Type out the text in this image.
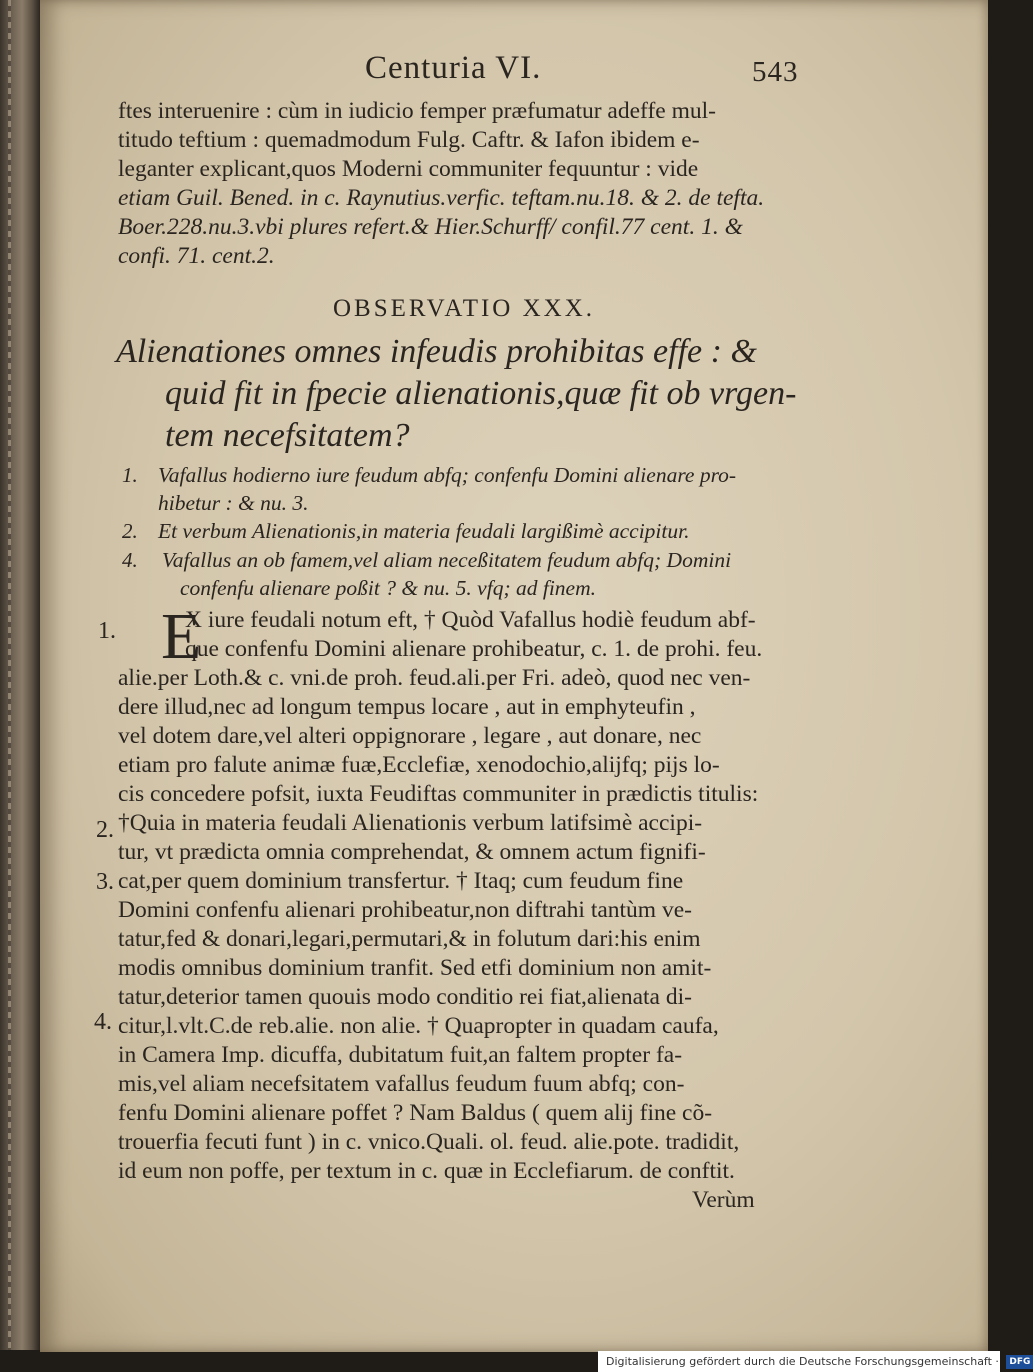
Centuria VI.	543
ftes interuenire : cùm in iudicio femper præfumatur adeffe mul-
titudo teftium : quemadmodum Fulg. Caftr. & Iafon ibidem e-
leganter explicant,quos Moderni communiter fequuntur : vide
etiam Guil. Bened. in c. Raynutius.verfic. teftam.nu.18. & 2. de tefta.
Boer.228.nu.3.vbi plures refert.& Hier.Schurff/ confil.77 cent. 1. &
confi. 71. cent.2.
OBSERVATIO XXX.
Alienationes omnes infeudis prohibitas effe : &
quid fit in fpecie alienationis,quæ fit ob vrgen-
tem necefsitatem?
1. Vafallus hodierno iure feudum abfq; confenfu Domini alienare pro-
hibetur : & nu. 3.
2. Et verbum Alienationis,in materia feudali largißimè accipitur.
4. Vafallus an ob famem,vel aliam neceßitatem feudum abfq; Domini
confenfu alienare poßit ? & nu. 5. vfq; ad finem.
E
1.	X iure feudali notum eft, † Quòd Vafallus hodiè feudum abf-
que confenfu Domini alienare prohibeatur, c. 1. de prohi. feu.
alie.per Loth.& c. vni.de proh. feud.ali.per Fri. adeò, quod nec ven-
dere illud,nec ad longum tempus locare , aut in emphyteufin ,
vel dotem dare,vel alteri oppignorare , legare , aut donare, nec
etiam pro falute animæ fuæ,Ecclefiæ, xenodochio,alijfq; pijs lo-
cis concedere pofsit, iuxta Feudiftas communiter in prædictis titulis:
2. †Quia in materia feudali Alienationis verbum latifsimè accipi-
tur, vt prædicta omnia comprehendat, & omnem actum fignifi-
3. cat,per quem dominium transfertur. † Itaq; cum feudum fine
Domini confenfu alienari prohibeatur,non diftrahi tantùm ve-
tatur,fed & donari,legari,permutari,& in folutum dari:his enim
modis omnibus dominium tranfit. Sed etfi dominium non amit-
tatur,deterior tamen quouis modo conditio rei fiat,alienata di-
4. citur,l.vlt.C.de reb.alie. non alie. † Quapropter in quadam caufa,
in Camera Imp. dicuffa, dubitatum fuit,an faltem propter fa-
mis,vel aliam necefsitatem vafallus feudum fuum abfq; con-
fenfu Domini alienare poffet ? Nam Baldus ( quem alij fine cõ-
trouerfia fecuti funt ) in c. vnico.Quali. ol. feud. alie.pote. tradidit,
id eum non poffe, per textum in c. quæ in Ecclefiarum. de conftit.
Verùm
Digitalisierung gefördert durch die Deutsche Forschungsgemeinschaft · DFG
